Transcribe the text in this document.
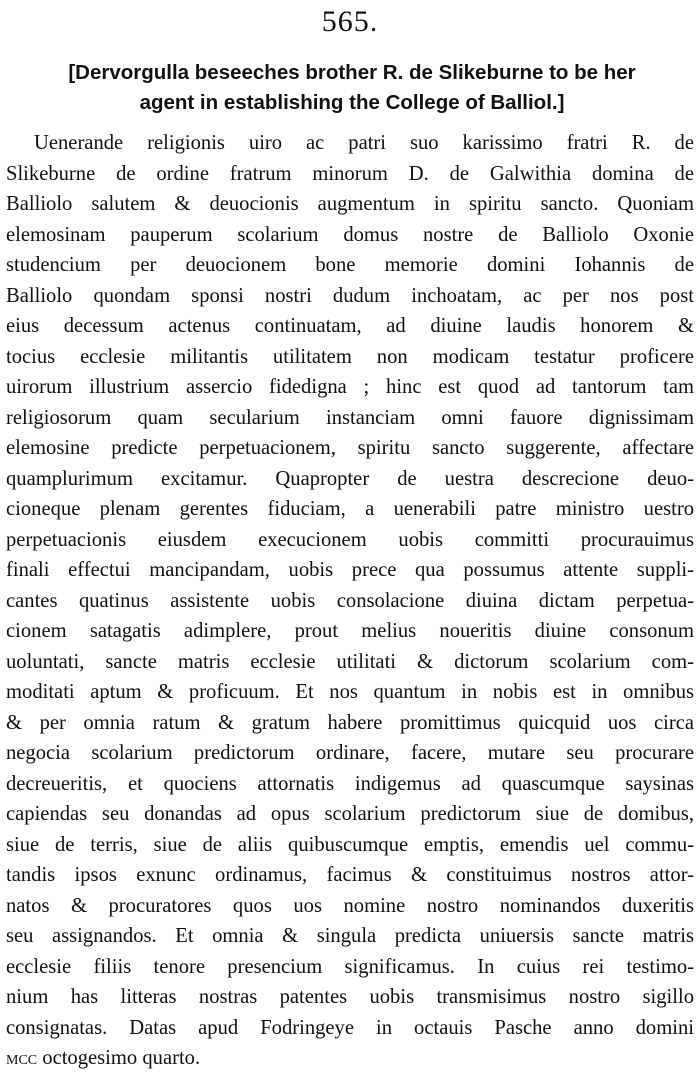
565.
[Dervorgulla beseeches brother R. de Slikeburne to be her
agent in establishing the College of Balliol.]
Uenerande religionis uiro ac patri suo karissimo fratri R. de
Slikeburne de ordine fratrum minorum D. de Galwithia domina de
Balliolo salutem & deuocionis augmentum in spiritu sancto. Quoniam
elemosinam pauperum scolarium domus nostre de Balliolo Oxonie
studencium per deuocionem bone memorie domini Iohannis de
Balliolo quondam sponsi nostri dudum inchoatam, ac per nos post
eius decessum actenus continuatam, ad diuine laudis honorem &
tocius ecclesie militantis utilitatem non modicam testatur proficere
uirorum illustrium assercio fidedigna ; hinc est quod ad tantorum tam
religiosorum quam secularium instanciam omni fauore dignissimam
elemosine predicte perpetuacionem, spiritu sancto suggerente, affectare
quamplurimum excitamur. Quapropter de uestra descrecione deuo-
cioneque plenam gerentes fiduciam, a uenerabili patre ministro uestro
perpetuacionis eiusdem execucionem uobis committi procurauimus
finali effectui mancipandam, uobis prece qua possumus attente suppli-
cantes quatinus assistente uobis consolacione diuina dictam perpetua-
cionem satagatis adimplere, prout melius noueritis diuine consonum
uoluntati, sancte matris ecclesie utilitati & dictorum scolarium com-
moditati aptum & proficuum. Et nos quantum in nobis est in omnibus
& per omnia ratum & gratum habere promittimus quicquid uos circa
negocia scolarium predictorum ordinare, facere, mutare seu procurare
decreueritis, et quociens attornatis indigemus ad quascumque saysinas
capiendas seu donandas ad opus scolarium predictorum siue de domibus,
siue de terris, siue de aliis quibuscumque emptis, emendis uel commu-
tandis ipsos exnunc ordinamus, facimus & constituimus nostros attor-
natos & procuratores quos uos nomine nostro nominandos duxeritis
seu assignandos. Et omnia & singula predicta uniuersis sancte matris
ecclesie filiis tenore presencium significamus. In cuius rei testimo-
nium has litteras nostras patentes uobis transmisimus nostro sigillo
consignatas. Datas apud Fodringeye in octauis Pasche anno domini
mcc octogesimo quarto.
